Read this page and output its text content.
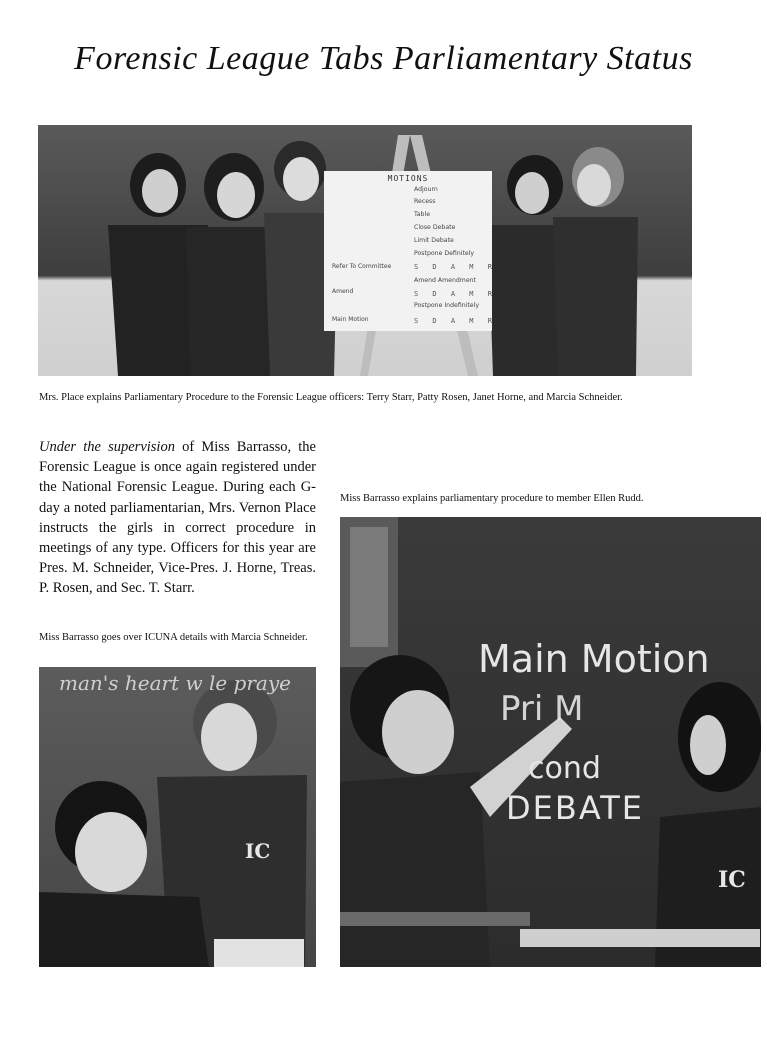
Forensic League Tabs Parliamentary Status
MOTIONS
Adjourn
Recess
Table
Close Debate
Limit Debate
Postpone Definitely
Refer To Committee	S D A M R
Amend Amendment
Amend	S D A M R
Postpone Indefinitely
Main Motion	S D A M R
Mrs. Place explains Parliamentary Procedure to the Forensic League officers: Terry Starr, Patty Rosen, Janet Horne, and Marcia Schneider.
Under the supervision of Miss Barrasso, the Forensic League is once again registered under the National Forensic League. During each G-day a noted parliamentarian, Mrs. Vernon Place instructs the girls in correct procedure in meetings of any type. Officers for this year are Pres. M. Schneider, Vice-Pres. J. Horne, Treas. P. Rosen, and Sec. T. Starr.
Miss Barrasso explains parliamentary procedure to member Ellen Rudd.
Main Motion
Pri M
cond
DEBATE
IC
Miss Barrasso goes over ICUNA details with Marcia Schneider.
man's heart w le praye
IC
